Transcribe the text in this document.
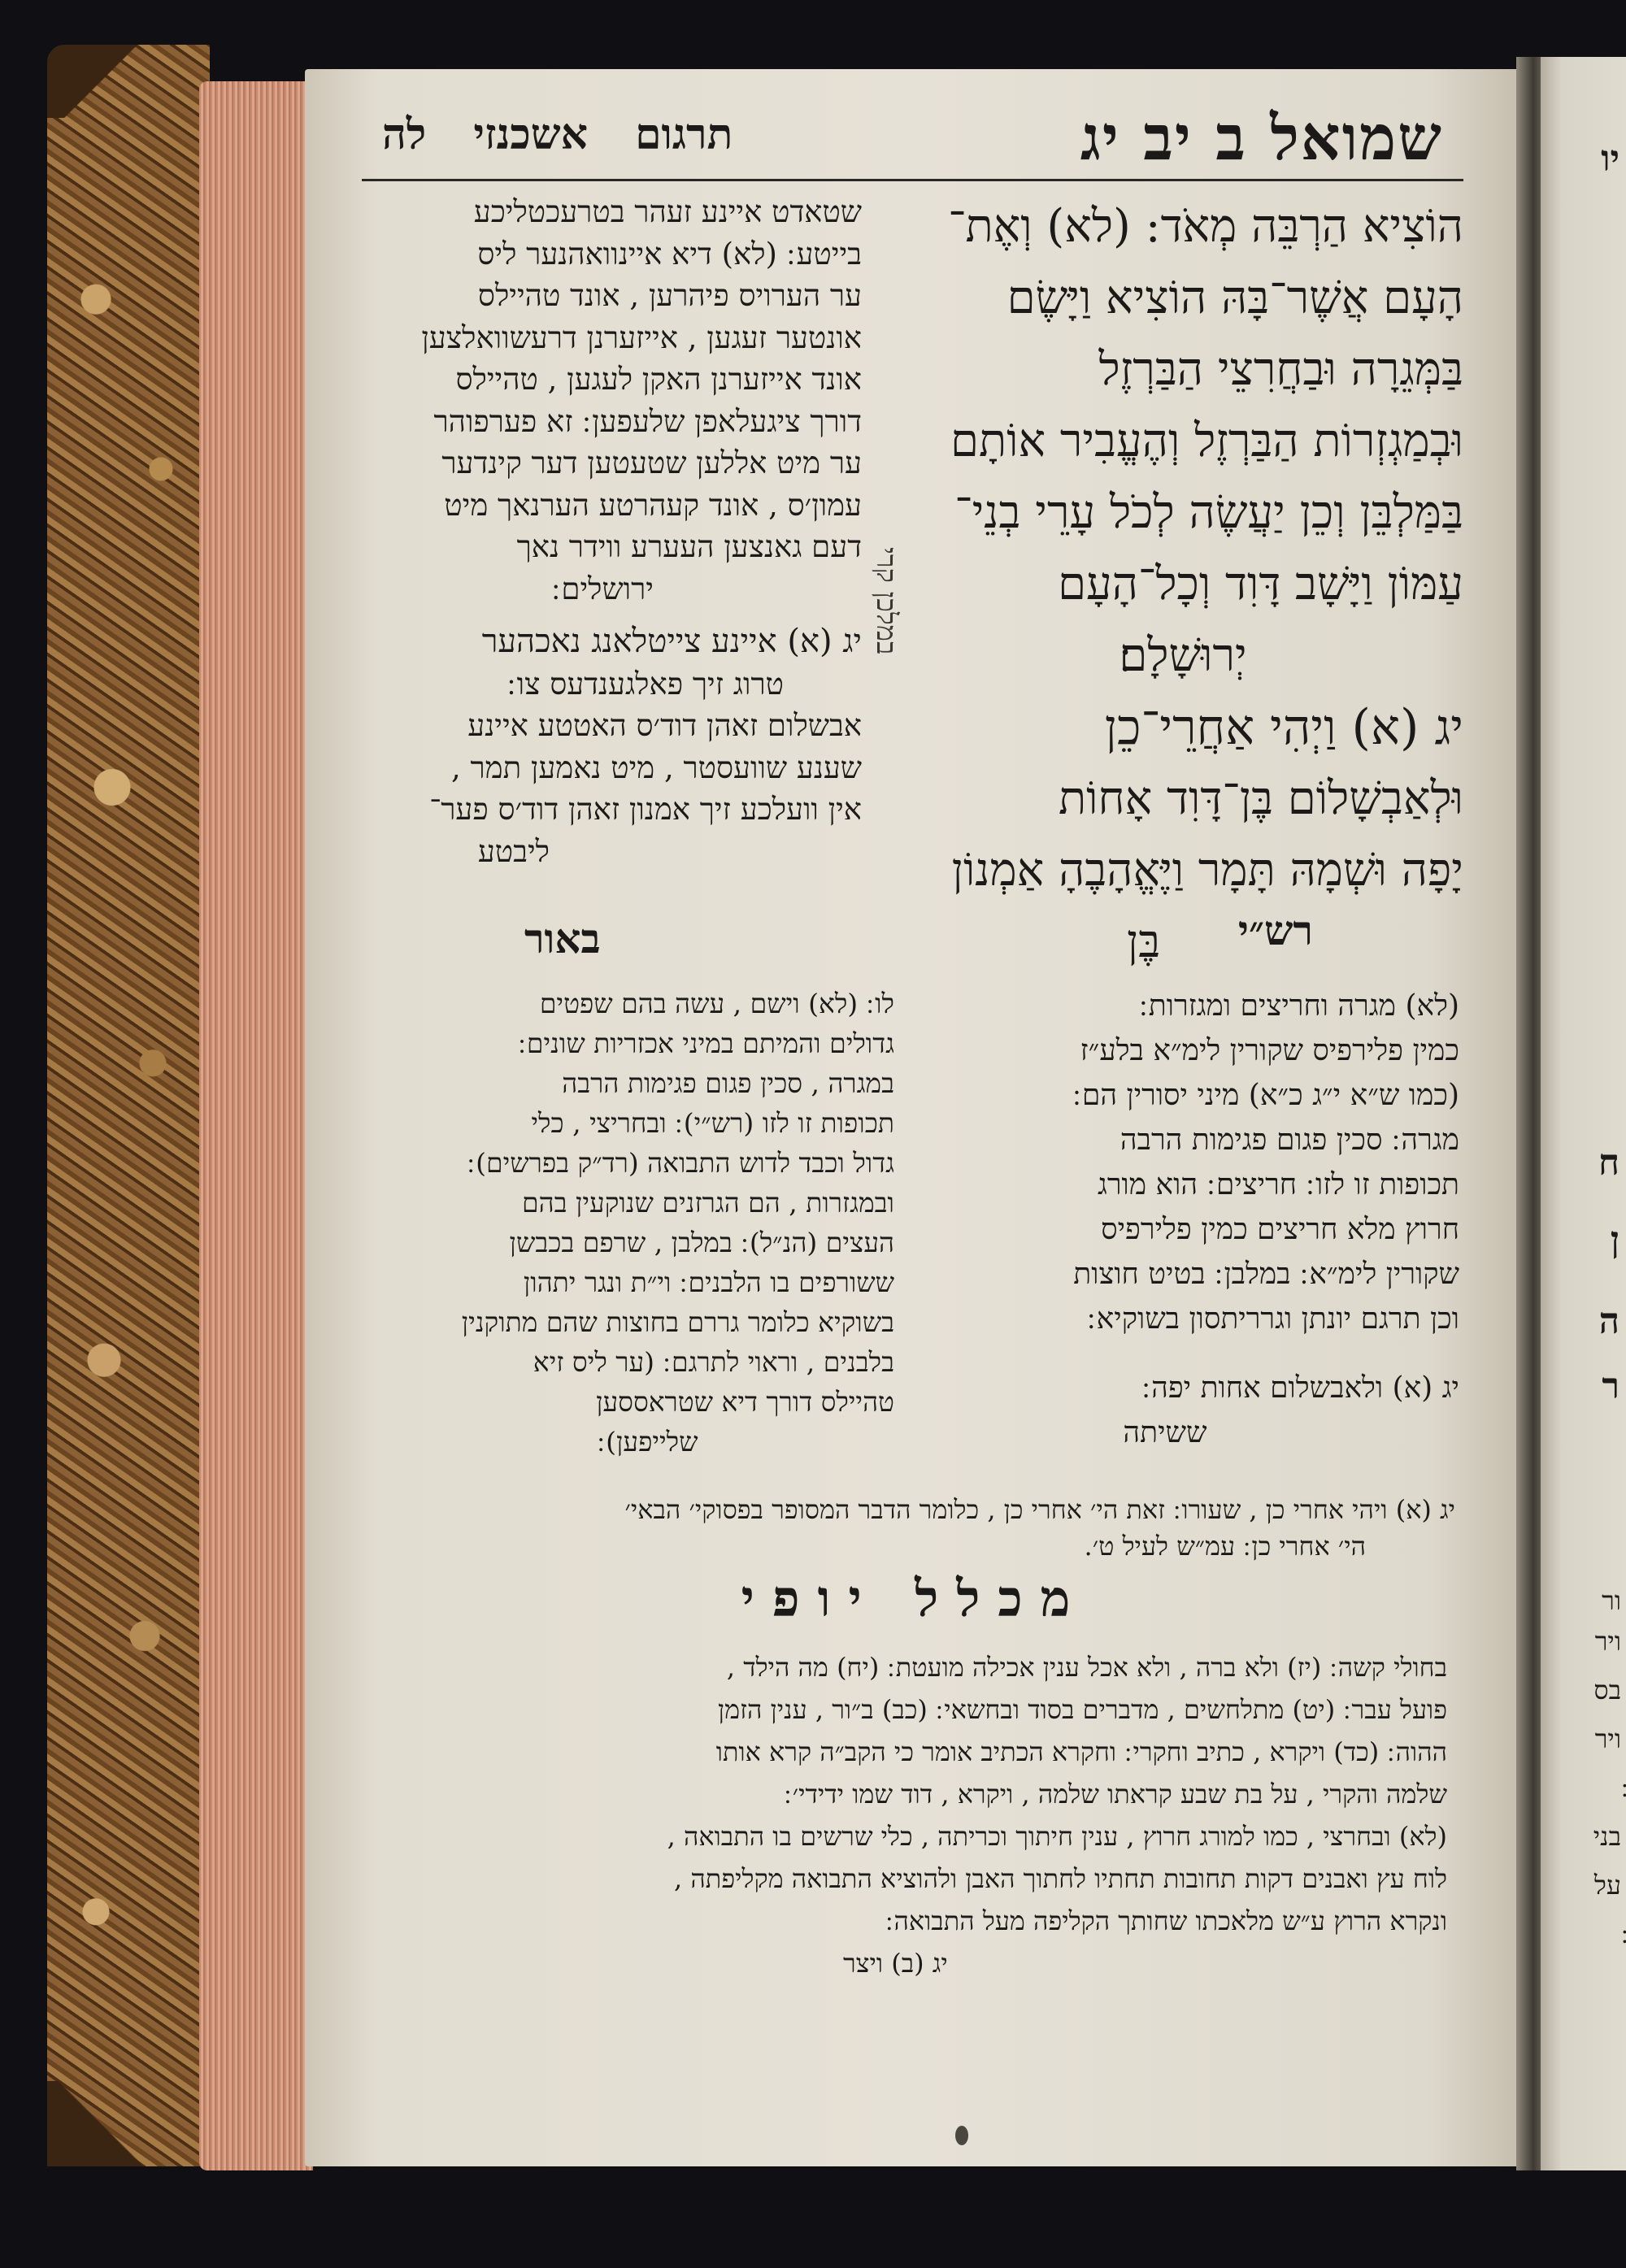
שמואל ב יב יג
תרגום אשכנזי לה

הוֹצִיא הַרְבֵּה מְאֹד: (לא) וְאֶת־

הָעָם אֲשֶׁר־בָּהּ הוֹצִיא וַיָּשֶׂם

בַּמְּגֵרָה וּבַחֲרִצֵי הַבַּרְזֶל

וּבְמַגְזְרוֹת הַבַּרְזֶל וְהֶעֱבִיר אוֹתָם

בַּמַּלְבֵּן וְכֵן יַעֲשֶׂה לְכֹל עָרֵי בְנֵי־

עַמּוֹן וַיָּשָׁב דָּוִד וְכָל־הָעָם

יְרוּשָׁלָם׃

יג (א) וַיְהִי אַחֲרֵי־כֵן

וּלְאַבְשָׁלוֹם בֶּן־דָּוִד אָחוֹת

יָפָה וּשְׁמָהּ תָּמָר וַיֶּאֱהָבֶהָ אַמְנוֹן

בֶּן

במלכן קרי

שטאדט איינע זעהר בטרעכטליכע

בייטע ׃ (לא) דיא איינוואהנער ליס

ער הערויס פיהרען , אונד טהיילס

אונטער זעגען , אייזערנן דרעשוואלצען

אונד אייזערנן האקן לעגען , טהיילס

דורך ציגעלאפן שלעפען ׃ זא פערפוהר

ער מיט אללען שטעטען דער קינדער

עמון׳ס , אונד קעהרטע הערנאך מיט

דעם גאנצען העערע ווידר נאך

ירושלים ׃

יג (א) איינע צייטלאנג נאכהער

טרוג זיך פאלגענדעס צו ׃

אבשלום זאהן דוד׳ס האטטע איינע

שענע שוועסטר , מיט נאמען תמר ,

אין וועלכע זיך אמנון זאהן דוד׳ס פער־

ליבטע

רש״י
באור

(לא) מגרה וחריצים ומגזרות ׃

כמין פלירפיס שקורין לימ״א בלע״ז

(כמו ש״א י״ג כ״א) מיני יסורין הם ׃

מגרה ׃ סכין פגום פגימות הרבה

תכופות זו לזו ׃ חריצים ׃ הוא מורג

חרוץ מלא חריצים כמין פלירפיס

שקורין לימ״א ׃ במלבן ׃ בטיט חוצות

וכן תרגם יונתן וגרריתסון בשוקיא ׃

יג (א) ולאבשלום אחות יפה ׃

ששיתה

לו ׃ (לא) וישם , עשה בהם שפטים

גדולים והמיתם במיני אכזריות שונים ׃

במגרה , סכין פגום פגימות הרבה

תכופות זו לזו (רש״י) ׃ ובחריצי , כלי

גדול וכבד לדוש התבואה (רד״ק בפרשים) ׃

ובמגזרות , הם הגרזנים שנוקעין בהם

העצים (הנ״ל) ׃ במלבן , שרפם בכבשן

ששורפים בו הלבנים ׃ וי״ת ונגר יתהון

בשוקיא כלומר גררם בחוצות שהם מתוקנין

בלבנים , וראוי לתרגם ׃ (ער ליס זיא

טהיילס דורך דיא שטראססען

שלייפען) ׃

יג (א) ויהי אחרי כן , שעורו ׃ זאת הי׳ אחרי כן , כלומר הדבר המסופר בפסוקי׳ הבאי׳
הי׳ אחרי כן ׃ עמ״ש לעיל ט׳.
מכלל יופי

בחולי קשה ׃ (יז) ולא ברה , ולא אכל ענין אכילה מועטת ׃ (יח) מה הילד ,

פועל עבר ׃ (יט) מתלחשים , מדברים בסוד ובחשאי ׃ (כב) ב״ור , ענין הזמן

ההוה ׃ (כד) ויקרא , כתיב וחקרי ׃ וחקרא הכתיב אומר כי הקב״ה קרא אותו

שלמה והקרי , על בת שבע קראתו שלמה , ויקרא , דוד שמו ידידי׳ ׃

(לא) ובחרצי , כמו למורג חרוץ , ענין חיתוך וכריתה , כלי שרשים בו התבואה ,

לוח עץ ואבנים דקות תחובות תחתיו לחתוך האבן ולהוציא התבואה מקליפתה ,

ונקרא הרוץ ע״ש מלאכתו שחותך הקליפה מעל התבואה ׃

יג (ב) ויצר

יו
ח
ן
ה
ר
ור
ויר
בס
ויר
בני
על
